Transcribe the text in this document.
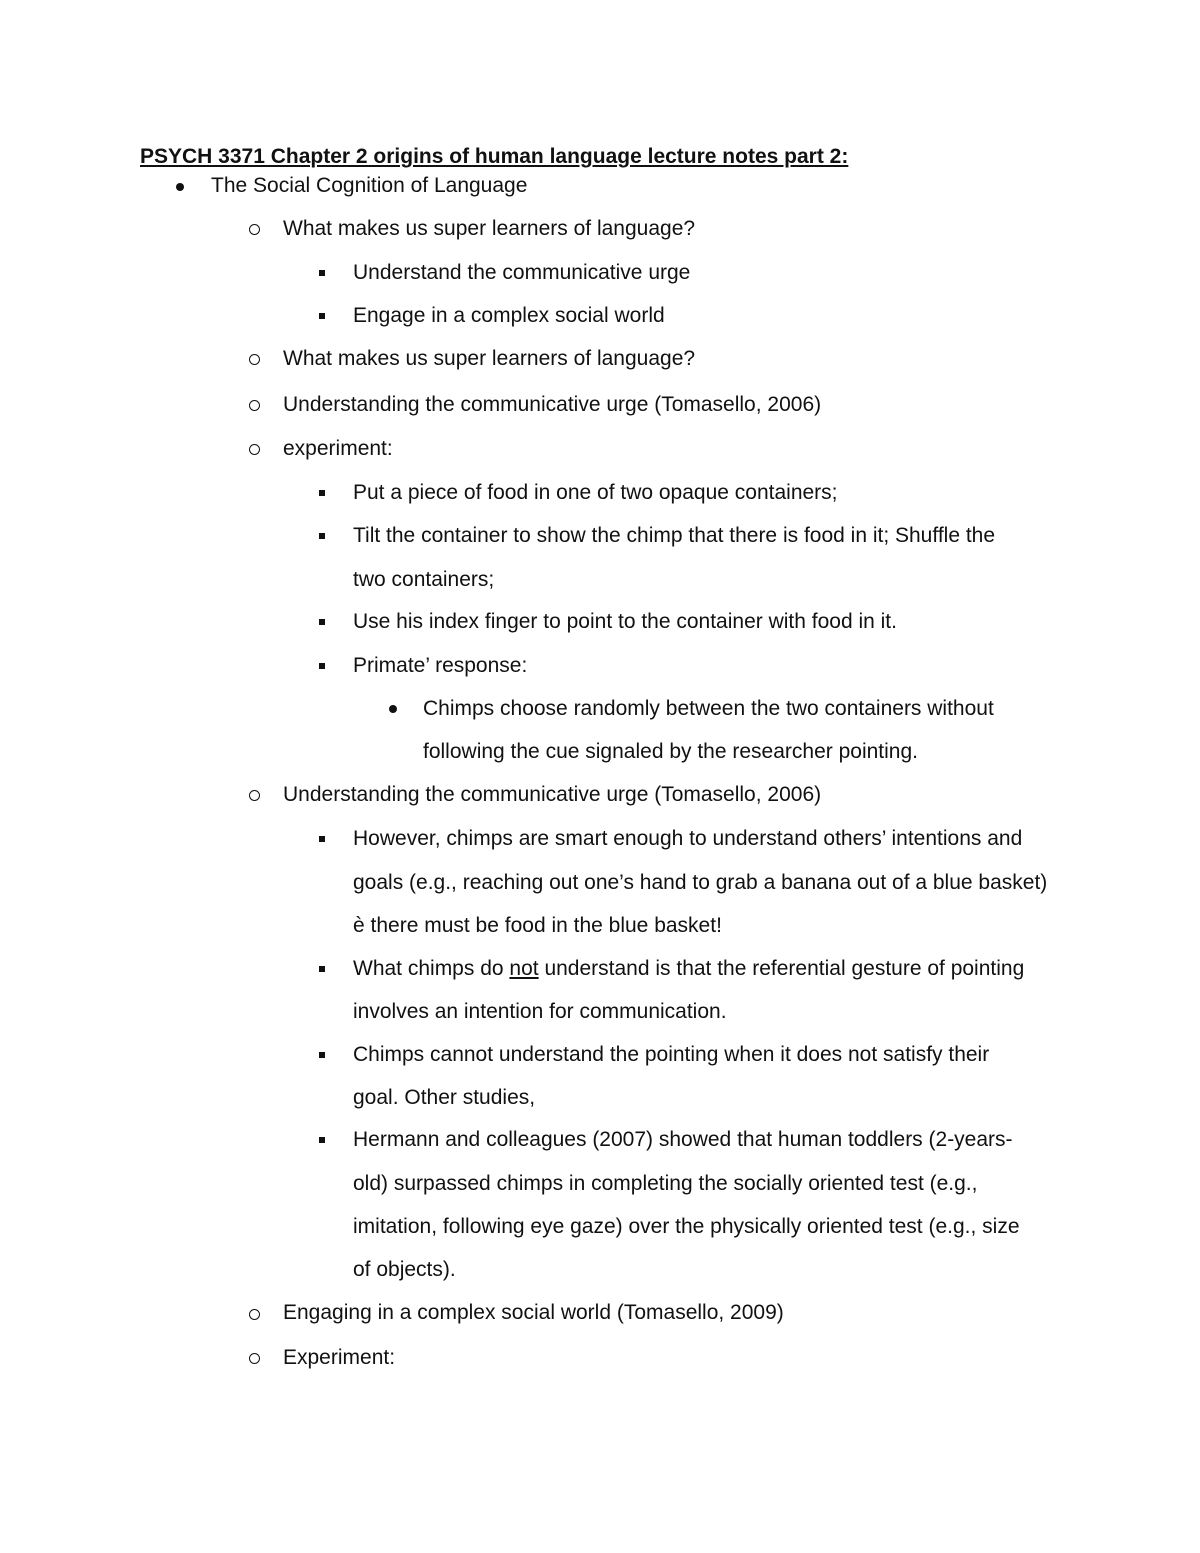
PSYCH 3371 Chapter 2 origins of human language lecture notes part 2:
The Social Cognition of Language
What makes us super learners of language?
Understand the communicative urge
Engage in a complex social world
What makes us super learners of language?
Understanding the communicative urge (Tomasello, 2006)
experiment:
Put a piece of food in one of two opaque containers;
Tilt the container to show the chimp that there is food in it; Shuffle the
two containers;
Use his index finger to point to the container with food in it.
Primate’ response:
Chimps choose randomly between the two containers without
following the cue signaled by the researcher pointing.
Understanding the communicative urge (Tomasello, 2006)
However, chimps are smart enough to understand others’ intentions and
goals (e.g., reaching out one’s hand to grab a banana out of a blue basket)
è there must be food in the blue basket!
What chimps do not understand is that the referential gesture of pointing
involves an intention for communication.
Chimps cannot understand the pointing when it does not satisfy their
goal. Other studies,
Hermann and colleagues (2007) showed that human toddlers (2-years-
old) surpassed chimps in completing the socially oriented test (e.g.,
imitation, following eye gaze) over the physically oriented test (e.g., size
of objects).
Engaging in a complex social world (Tomasello, 2009)
Experiment:
